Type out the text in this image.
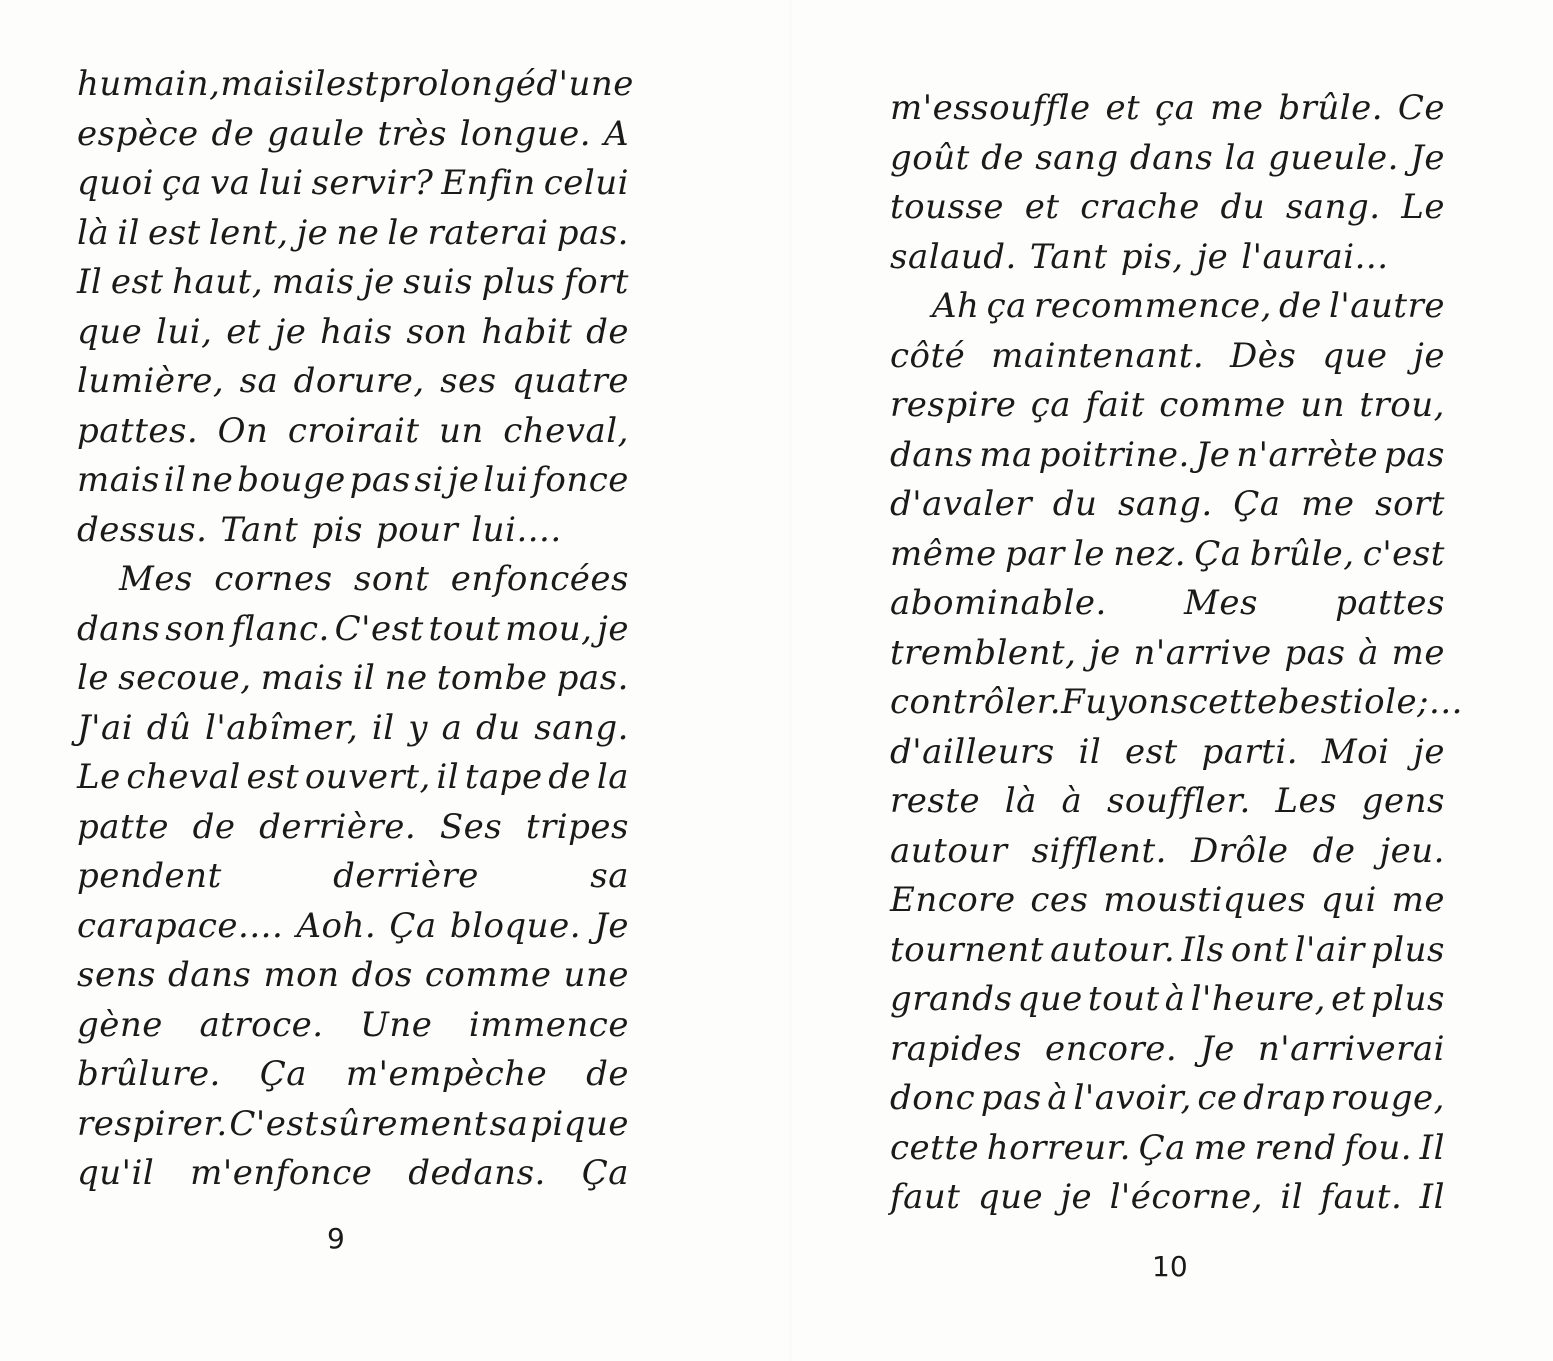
humain, mais il est prolongé d'une
espèce de gaule très longue. A
quoi ça va lui servir? Enfin celui
là il est lent, je ne le raterai pas.
Il est haut, mais je suis plus fort
que lui, et je hais son habit de
lumière, sa dorure, ses quatre
pattes. On croirait un cheval,
mais il ne bouge pas si je lui fonce
dessus. Tant pis pour lui....
Mes cornes sont enfoncées
dans son flanc. C'est tout mou, je
le secoue, mais il ne tombe pas.
J'ai dû l'abîmer, il y a du sang.
Le cheval est ouvert, il tape de la
patte de derrière. Ses tripes
pendent	derrière	sa
carapace.... Aoh. Ça bloque. Je
sens dans mon dos comme une
gène atroce. Une immence
brûlure. Ça m'empèche de
respirer. C'est sûrement sa pique
qu'il m'enfonce dedans. Ça
9
m'essouffle et ça me brûle. Ce
goût de sang dans la gueule. Je
tousse et crache du sang. Le
salaud. Tant pis, je l'aurai...
Ah ça recommence, de l'autre
côté maintenant. Dès que je
respire ça fait comme un trou,
dans ma poitrine. Je n'arrète pas
d'avaler du sang. Ça me sort
même par le nez. Ça brûle, c'est
abominable. Mes pattes
tremblent, je n'arrive pas à me
contrôler. Fuyons cette bestiole;...
d'ailleurs il est parti. Moi je
reste là à souffler. Les gens
autour sifflent. Drôle de jeu.
Encore ces moustiques qui me
tournent autour. Ils ont l'air plus
grands que tout à l'heure, et plus
rapides encore. Je n'arriverai
donc pas à l'avoir, ce drap rouge,
cette horreur. Ça me rend fou. Il
faut que je l'écorne, il faut. Il
10
